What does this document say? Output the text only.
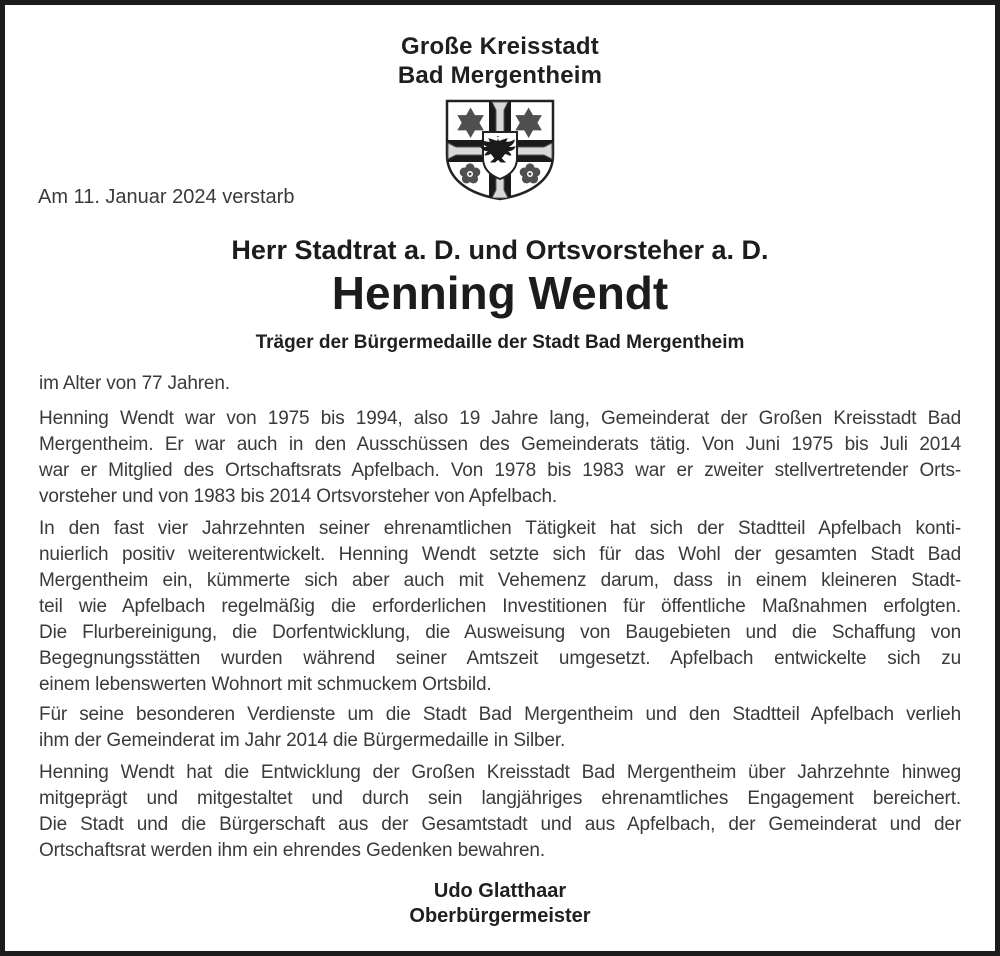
Große Kreisstadt
Bad Mergentheim
Am 11. Januar 2024 verstarb
Herr Stadtrat a. D. und Ortsvorsteher a. D.
Henning Wendt
Träger der Bürgermedaille der Stadt Bad Mergentheim
im Alter von 77 Jahren.
Henning Wendt war von 1975 bis 1994, also 19 Jahre lang, Gemeinderat der Großen Kreisstadt Bad
Mergentheim. Er war auch in den Ausschüssen des Gemeinderats tätig. Von Juni 1975 bis Juli 2014
war er Mitglied des Ortschaftsrats Apfelbach. Von 1978 bis 1983 war er zweiter stellvertretender Orts-
vorsteher und von 1983 bis 2014 Ortsvorsteher von Apfelbach.
In den fast vier Jahrzehnten seiner ehrenamtlichen Tätigkeit hat sich der Stadtteil Apfelbach konti-
nuierlich positiv weiterentwickelt. Henning Wendt setzte sich für das Wohl der gesamten Stadt Bad
Mergentheim ein, kümmerte sich aber auch mit Vehemenz darum, dass in einem kleineren Stadt-
teil wie Apfelbach regelmäßig die erforderlichen Investitionen für öffentliche Maßnahmen erfolgten.
Die Flurbereinigung, die Dorfentwicklung, die Ausweisung von Baugebieten und die Schaffung von
Begegnungsstätten wurden während seiner Amtszeit umgesetzt. Apfelbach entwickelte sich zu
einem lebenswerten Wohnort mit schmuckem Ortsbild.
Für seine besonderen Verdienste um die Stadt Bad Mergentheim und den Stadtteil Apfelbach verlieh
ihm der Gemeinderat im Jahr 2014 die Bürgermedaille in Silber.
Henning Wendt hat die Entwicklung der Großen Kreisstadt Bad Mergentheim über Jahrzehnte hinweg
mitgeprägt und mitgestaltet und durch sein langjähriges ehrenamtliches Engagement bereichert.
Die Stadt und die Bürgerschaft aus der Gesamtstadt und aus Apfelbach, der Gemeinderat und der
Ortschaftsrat werden ihm ein ehrendes Gedenken bewahren.
Udo Glatthaar
Oberbürgermeister
